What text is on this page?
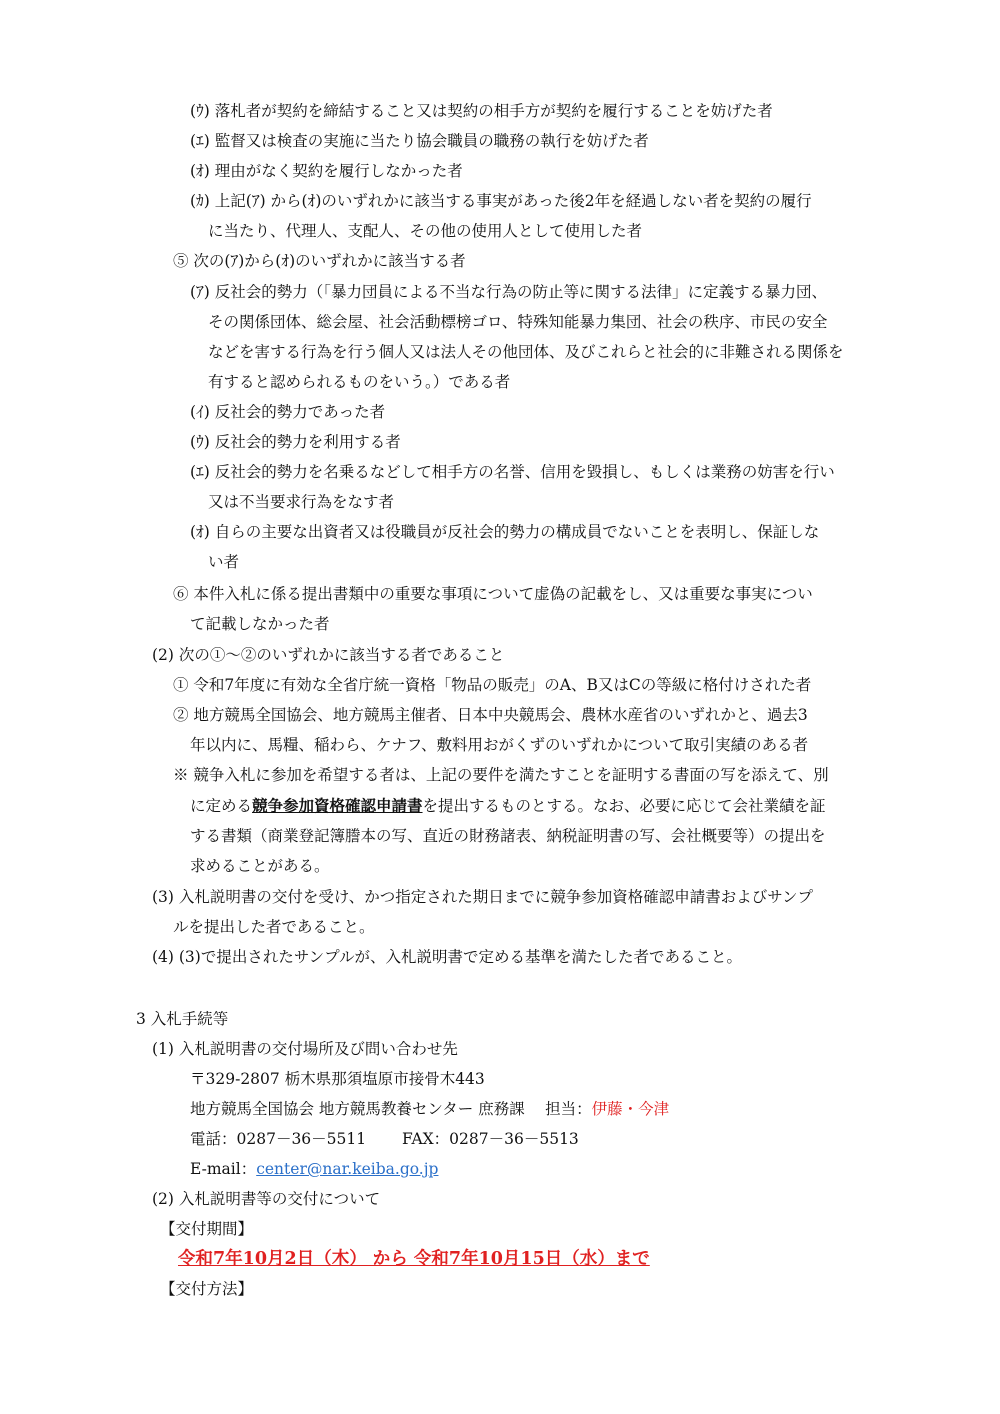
(ｳ) 落札者が契約を締結すること又は契約の相手方が契約を履行することを妨げた者
(ｴ) 監督又は検査の実施に当たり協会職員の職務の執行を妨げた者
(ｵ) 理由がなく契約を履行しなかった者
(ｶ) 上記(ｱ) から(ｵ)のいずれかに該当する事実があった後2年を経過しない者を契約の履行
に当たり、代理人、支配人、その他の使用人として使用した者
⑤ 次の(ｱ)から(ｵ)のいずれかに該当する者
(ｱ) 反社会的勢力（「暴力団員による不当な行為の防止等に関する法律」に定義する暴力団、
その関係団体、総会屋、社会活動標榜ゴロ、特殊知能暴力集団、社会の秩序、市民の安全
などを害する行為を行う個人又は法人その他団体、及びこれらと社会的に非難される関係を
有すると認められるものをいう。）である者
(ｲ) 反社会的勢力であった者
(ｳ) 反社会的勢力を利用する者
(ｴ) 反社会的勢力を名乗るなどして相手方の名誉、信用を毀損し、もしくは業務の妨害を行い
又は不当要求行為をなす者
(ｵ) 自らの主要な出資者又は役職員が反社会的勢力の構成員でないことを表明し、保証しな
い者
⑥ 本件入札に係る提出書類中の重要な事項について虚偽の記載をし、又は重要な事実につい
て記載しなかった者
(2) 次の①～②のいずれかに該当する者であること
① 令和7年度に有効な全省庁統一資格「物品の販売」のA、B又はCの等級に格付けされた者
② 地方競馬全国協会、地方競馬主催者、日本中央競馬会、農林水産省のいずれかと、過去3
年以内に、馬糧、稲わら、ケナフ、敷料用おがくずのいずれかについて取引実績のある者
※ 競争入札に参加を希望する者は、上記の要件を満たすことを証明する書面の写を添えて、別
に定める競争参加資格確認申請書を提出するものとする。なお、必要に応じて会社業績を証
する書類（商業登記簿謄本の写、直近の財務諸表、納税証明書の写、会社概要等）の提出を
求めることがある。
(3) 入札説明書の交付を受け、かつ指定された期日までに競争参加資格確認申請書およびサンプ
ルを提出した者であること。
(4) (3)で提出されたサンプルが、入札説明書で定める基準を満たした者であること。
3 入札手続等
(1) 入札説明書の交付場所及び問い合わせ先
〒329-2807 栃木県那須塩原市接骨木443
地方競馬全国協会 地方競馬教養センター 庶務課　 担当：伊藤・今津
電話：0287－36－5511　　 FAX：0287－36－5513
E-mail：center@nar.keiba.go.jp
(2) 入札説明書等の交付について
【交付期間】
令和7年10月2日（木） から 令和7年10月15日（水）まで
【交付方法】
